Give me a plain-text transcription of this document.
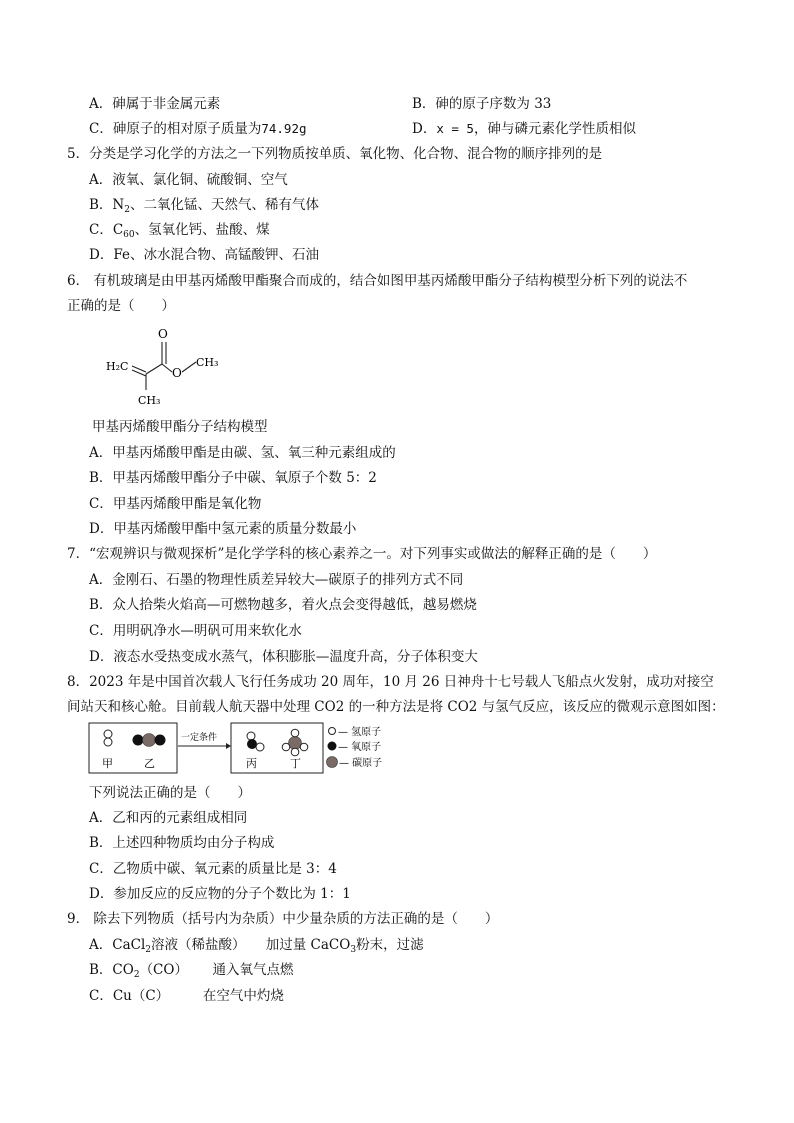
A．砷属于非金属元素	B．砷的原子序数为 33
C．砷原子的相对原子质量为74.92g	D．x = 5，砷与磷元素化学性质相似
5．分类是学习化学的方法之一下列物质按单质、氧化物、化合物、混合物的顺序排列的是
A．液氧、氯化铜、硫酸铜、空气
B．$N_2$、二氧化锰、天然气、稀有气体
C．$C_{60}$、氢氧化钙、盐酸、煤
D．Fe、冰水混合物、高锰酸钾、石油
6． 有机玻璃是由甲基丙烯酸甲酯聚合而成的，结合如图甲基丙烯酸甲酯分子结构模型分析下列的说法不
正确的是（　　）
O
H₂C	O
CH₃
CH₃
甲基丙烯酸甲酯分子结构模型
A．甲基丙烯酸甲酯是由碳、氢、氧三种元素组成的
B．甲基丙烯酸甲酯分子中碳、氧原子个数 5：2
C．甲基丙烯酸甲酯是氧化物
D．甲基丙烯酸甲酯中氢元素的质量分数最小
7．“宏观辨识与微观探析”是化学学科的核心素养之一。对下列事实或做法的解释正确的是（　　）
A．金刚石、石墨的物理性质差异较大—碳原子的排列方式不同
B．众人拾柴火焰高—可燃物越多，着火点会变得越低，越易燃烧
C．用明矾净水—明矾可用来软化水
D．液态水受热变成水蒸气，体积膨胀—温度升高，分子体积变大
8．2023 年是中国首次载人飞行任务成功 20 周年，10 月 26 日神舟十七号载人飞船点火发射，成功对接空
间站天和核心舱。目前载人航天器中处理 CO2 的一种方法是将 CO2 与氢气反应，该反应的微观示意图如图：
甲	乙
一定条件
丙	丁
— 氢原子
— 氧原子
— 碳原子
下列说法正确的是（　　）
A．乙和丙的元素组成相同
B．上述四种物质均由分子构成
C．乙物质中碳、氧元素的质量比是 3：4
D．参加反应的反应物的分子个数比为 1：1
9． 除去下列物质（括号内为杂质）中少量杂质的方法正确的是（　　）
A．CaCl$_2$溶液（稀盐酸）　　加过量 CaCO$_3$粉末，过滤
B．$CO_2(CO)$　　 通入氧气点燃
C．Cu（C）　　　在空气中灼烧
